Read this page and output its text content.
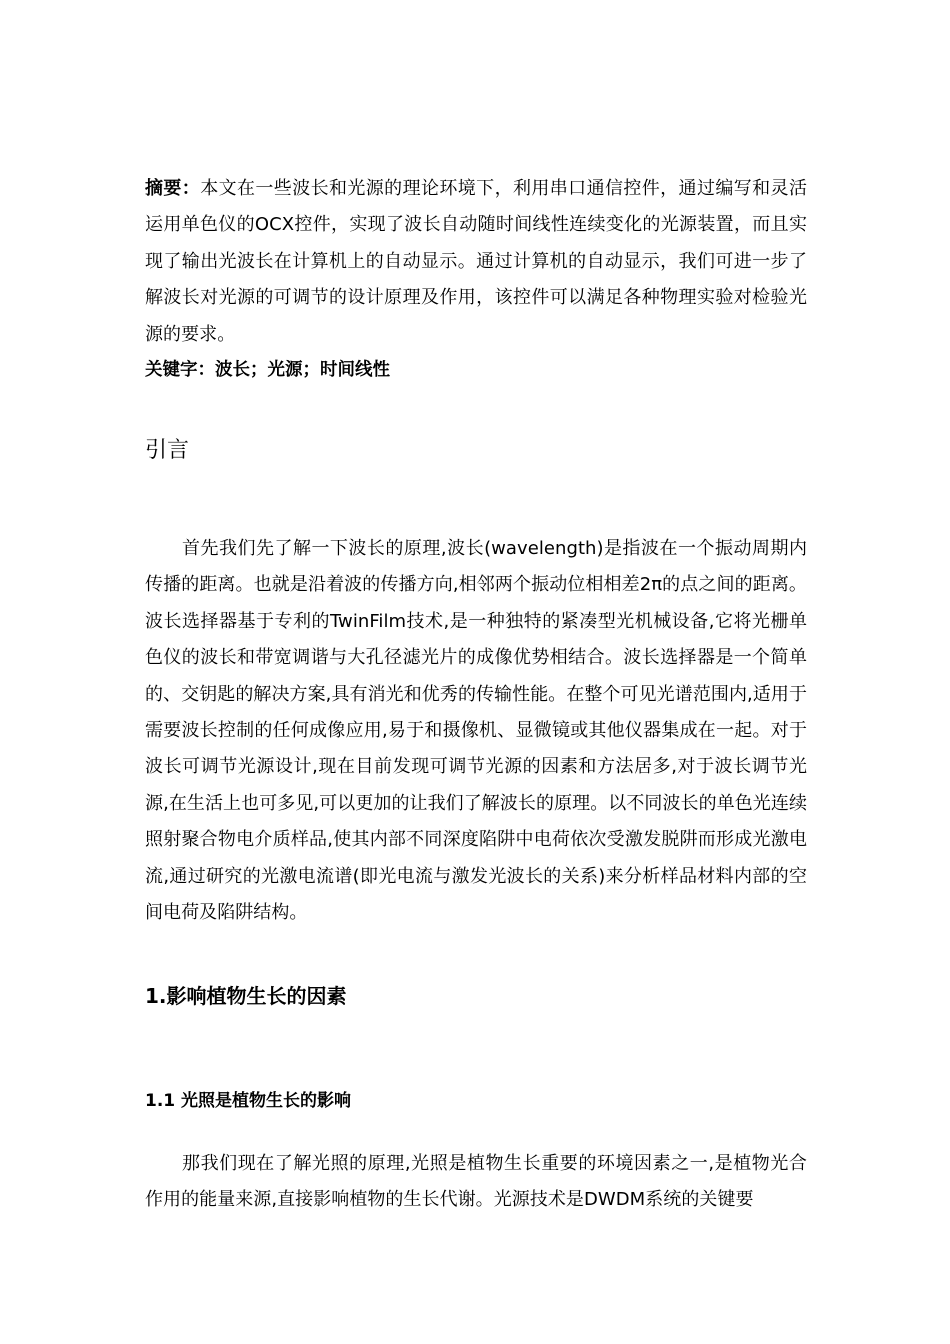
摘要：本文在一些波长和光源的理论环境下，利用串口通信控件，通过编写和灵活运用单色仪的OCX控件，实现了波长自动随时间线性连续变化的光源装置，而且实现了输出光波长在计算机上的自动显示。通过计算机的自动显示，我们可进一步了解波长对光源的可调节的设计原理及作用，该控件可以满足各种物理实验对检验光源的要求。

关键字：波长；光源；时间线性

引言

首先我们先了解一下波长的原理,波长(wavelength)是指波在一个振动周期内传播的距离。也就是沿着波的传播方向,相邻两个振动位相相差2π的点之间的距离。波长选择器基于专利的TwinFilm技术,是一种独特的紧凑型光机械设备,它将光栅单色仪的波长和带宽调谐与大孔径滤光片的成像优势相结合。波长选择器是一个简单的、交钥匙的解决方案,具有消光和优秀的传输性能。在整个可见光谱范围内,适用于需要波长控制的任何成像应用,易于和摄像机、显微镜或其他仪器集成在一起。对于波长可调节光源设计,现在目前发现可调节光源的因素和方法居多,对于波长调节光源,在生活上也可多见,可以更加的让我们了解波长的原理。以不同波长的单色光连续照射聚合物电介质样品,使其内部不同深度陷阱中电荷依次受激发脱阱而形成光激电流,通过研究的光激电流谱(即光电流与激发光波长的关系)来分析样品材料内部的空间电荷及陷阱结构。

1.影响植物生长的因素
1.1 光照是植物生长的影响

那我们现在了解光照的原理,光照是植物生长重要的环境因素之一,是植物光合作用的能量来源,直接影响植物的生长代谢。光源技术是DWDM系统的关键要
